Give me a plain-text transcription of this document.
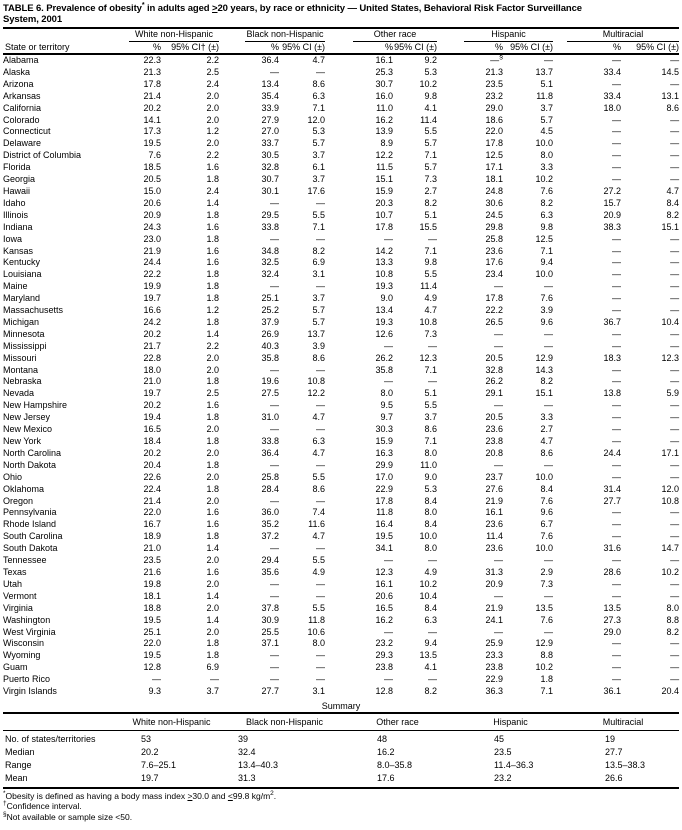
TABLE 6. Prevalence of obesity* in adults aged ≥20 years, by race or ethnicity — United States, Behavioral Risk Factor Surveillance
System, 2001

	White non-Hispanic		Black non-Hispanic		Other race		Hispanic		Multiracial	

State or territory	%	95% CI† (±)	%	95% CI (±)	%	95% CI (±)	%	95% CI (±)	%	95% CI (±)
Alabama	22.3	2.2	36.4	4.7	16.1	9.2	—§	—	—	—
Alaska	21.3	2.5	—	—	25.3	5.3	21.3	13.7	33.4	14.5
Arizona	17.8	2.4	13.4	8.6	30.7	10.2	23.5	5.1	—	—
Arkansas	21.4	2.0	35.4	6.3	16.0	9.8	23.2	11.8	33.4	13.1
California	20.2	2.0	33.9	7.1	11.0	4.1	29.0	3.7	18.0	8.6
Colorado	14.1	2.0	27.9	12.0	16.2	11.4	18.6	5.7	—	—
Connecticut	17.3	1.2	27.0	5.3	13.9	5.5	22.0	4.5	—	—
Delaware	19.5	2.0	33.7	5.7	8.9	5.7	17.8	10.0	—	—
District of Columbia	7.6	2.2	30.5	3.7	12.2	7.1	12.5	8.0	—	—
Florida	18.5	1.6	32.8	6.1	11.5	5.7	17.1	3.3	—	—
Georgia	20.5	1.8	30.7	3.7	15.1	7.3	18.1	10.2	—	—
Hawaii	15.0	2.4	30.1	17.6	15.9	2.7	24.8	7.6	27.2	4.7
Idaho	20.6	1.4	—	—	20.3	8.2	30.6	8.2	15.7	8.4
Illinois	20.9	1.8	29.5	5.5	10.7	5.1	24.5	6.3	20.9	8.2
Indiana	24.3	1.6	33.8	7.1	17.8	15.5	29.8	9.8	38.3	15.1
Iowa	23.0	1.8	—	—	—	—	25.8	12.5	—	—
Kansas	21.9	1.6	34.8	8.2	14.2	7.1	23.6	7.1	—	—
Kentucky	24.4	1.6	32.5	6.9	13.3	9.8	17.6	9.4	—	—
Louisiana	22.2	1.8	32.4	3.1	10.8	5.5	23.4	10.0	—	—
Maine	19.9	1.8	—	—	19.3	11.4	—	—	—	—
Maryland	19.7	1.8	25.1	3.7	9.0	4.9	17.8	7.6	—	—
Massachusetts	16.6	1.2	25.2	5.7	13.4	4.7	22.2	3.9	—	—
Michigan	24.2	1.8	37.9	5.7	19.3	10.8	26.5	9.6	36.7	10.4
Minnesota	20.2	1.4	26.9	13.7	12.6	7.3	—	—	—	—
Mississippi	21.7	2.2	40.3	3.9	—	—	—	—	—	—
Missouri	22.8	2.0	35.8	8.6	26.2	12.3	20.5	12.9	18.3	12.3
Montana	18.0	2.0	—	—	35.8	7.1	32.8	14.3	—	—
Nebraska	21.0	1.8	19.6	10.8	—	—	26.2	8.2	—	—
Nevada	19.7	2.5	27.5	12.2	8.0	5.1	29.1	15.1	13.8	5.9
New Hampshire	20.2	1.6	—	—	9.5	5.5	—	—	—	—
New Jersey	19.4	1.8	31.0	4.7	9.7	3.7	20.5	3.3	—	—
New Mexico	16.5	2.0	—	—	30.3	8.6	23.6	2.7	—	—
New York	18.4	1.8	33.8	6.3	15.9	7.1	23.8	4.7	—	—
North Carolina	20.2	2.0	36.4	4.7	16.3	8.0	20.8	8.6	24.4	17.1
North Dakota	20.4	1.8	—	—	29.9	11.0	—	—	—	—
Ohio	22.6	2.0	25.8	5.5	17.0	9.0	23.7	10.0	—	—
Oklahoma	22.4	1.8	28.4	8.6	22.9	5.3	27.6	8.4	31.4	12.0
Oregon	21.4	2.0	—	—	17.8	8.4	21.9	7.6	27.7	10.8
Pennsylvania	22.0	1.6	36.0	7.4	11.8	8.0	16.1	9.6	—	—
Rhode Island	16.7	1.6	35.2	11.6	16.4	8.4	23.6	6.7	—	—
South Carolina	18.9	1.8	37.2	4.7	19.5	10.0	11.4	7.6	—	—
South Dakota	21.0	1.4	—	—	34.1	8.0	23.6	10.0	31.6	14.7
Tennessee	23.5	2.0	29.4	5.5	—	—	—	—	—	—
Texas	21.6	1.6	35.6	4.9	12.3	4.9	31.3	2.9	28.6	10.2
Utah	19.8	2.0	—	—	16.1	10.2	20.9	7.3	—	—
Vermont	18.1	1.4	—	—	20.6	10.4	—	—	—	—
Virginia	18.8	2.0	37.8	5.5	16.5	8.4	21.9	13.5	13.5	8.0
Washington	19.5	1.4	30.9	11.8	16.2	6.3	24.1	7.6	27.3	8.8
West Virginia	25.1	2.0	25.5	10.6	—	—	—	—	29.0	8.2
Wisconsin	22.0	1.8	37.1	8.0	23.2	9.4	25.9	12.9	—	—
Wyoming	19.5	1.8	—	—	29.3	13.5	23.3	8.8	—	—
Guam	12.8	6.9	—	—	23.8	4.1	23.8	10.2	—	—
Puerto Rico	—	—	—	—	—	—	22.9	1.8	—	—
Virgin Islands	9.3	3.7	27.7	3.1	12.8	8.2	36.3	7.1	36.1	20.4
Summary
	White non-Hispanic	Black non-Hispanic	Other race	Hispanic	Multiracial
No. of states/territories	53	39	48	45	19
Median	20.2	32.4	16.2	23.5	27.7
Range	7.6–25.1	13.4–40.3	8.0–35.8	11.4–36.3	13.5–38.3
Mean	19.7	31.3	17.6	23.2	26.6
*Obesity is defined as having a body mass index ≥30.0 and ≤99.8 $kg/m^2$.
†Confidence interval.
§Not available or sample size <50.
